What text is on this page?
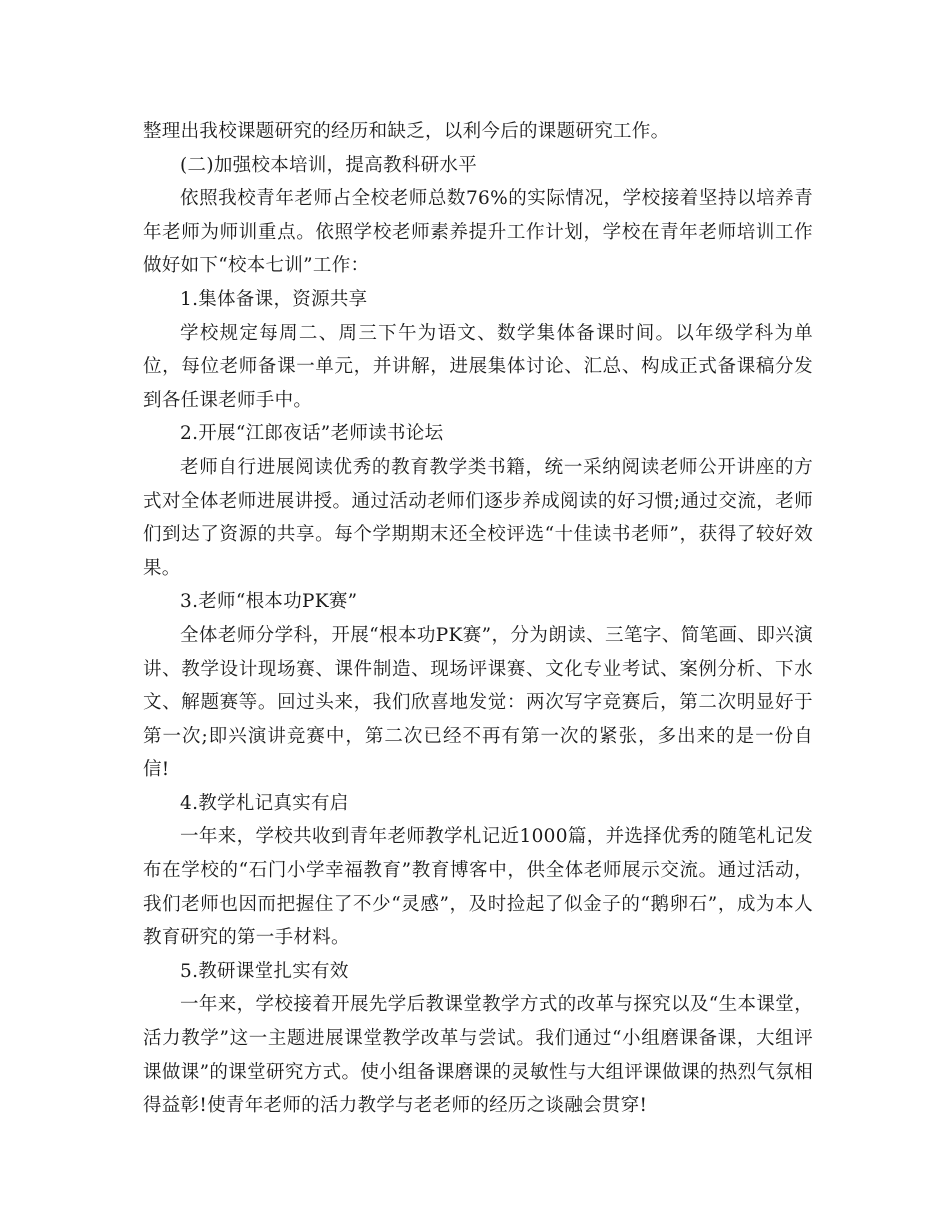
整理出我校课题研究的经历和缺乏，以利今后的课题研究工作。

(二)加强校本培训，提高教科研水平

依照我校青年老师占全校老师总数76%的实际情况，学校接着坚持以培养青年老师为师训重点。依照学校老师素养提升工作计划，学校在青年老师培训工作做好如下“校本七训”工作：

1.集体备课，资源共享

学校规定每周二、周三下午为语文、数学集体备课时间。以年级学科为单位，每位老师备课一单元，并讲解，进展集体讨论、汇总、构成正式备课稿分发到各任课老师手中。

2.开展“江郎夜话”老师读书论坛

老师自行进展阅读优秀的教育教学类书籍，统一采纳阅读老师公开讲座的方式对全体老师进展讲授。通过活动老师们逐步养成阅读的好习惯;通过交流，老师们到达了资源的共享。每个学期期末还全校评选“十佳读书老师”，获得了较好效果。

3.老师“根本功PK赛”

全体老师分学科，开展“根本功PK赛”，分为朗读、三笔字、简笔画、即兴演讲、教学设计现场赛、课件制造、现场评课赛、文化专业考试、案例分析、下水文、解题赛等。回过头来，我们欣喜地发觉：两次写字竞赛后，第二次明显好于第一次;即兴演讲竞赛中，第二次已经不再有第一次的紧张，多出来的是一份自信!

4.教学札记真实有启

一年来，学校共收到青年老师教学札记近1000篇，并选择优秀的随笔札记发布在学校的“石门小学幸福教育”教育博客中，供全体老师展示交流。通过活动，我们老师也因而把握住了不少“灵感”，及时捡起了似金子的“鹅卵石”，成为本人教育研究的第一手材料。

5.教研课堂扎实有效

一年来，学校接着开展先学后教课堂教学方式的改革与探究以及“生本课堂，活力教学”这一主题进展课堂教学改革与尝试。我们通过“小组磨课备课，大组评课做课”的课堂研究方式。使小组备课磨课的灵敏性与大组评课做课的热烈气氛相得益彰!使青年老师的活力教学与老老师的经历之谈融会贯穿!
